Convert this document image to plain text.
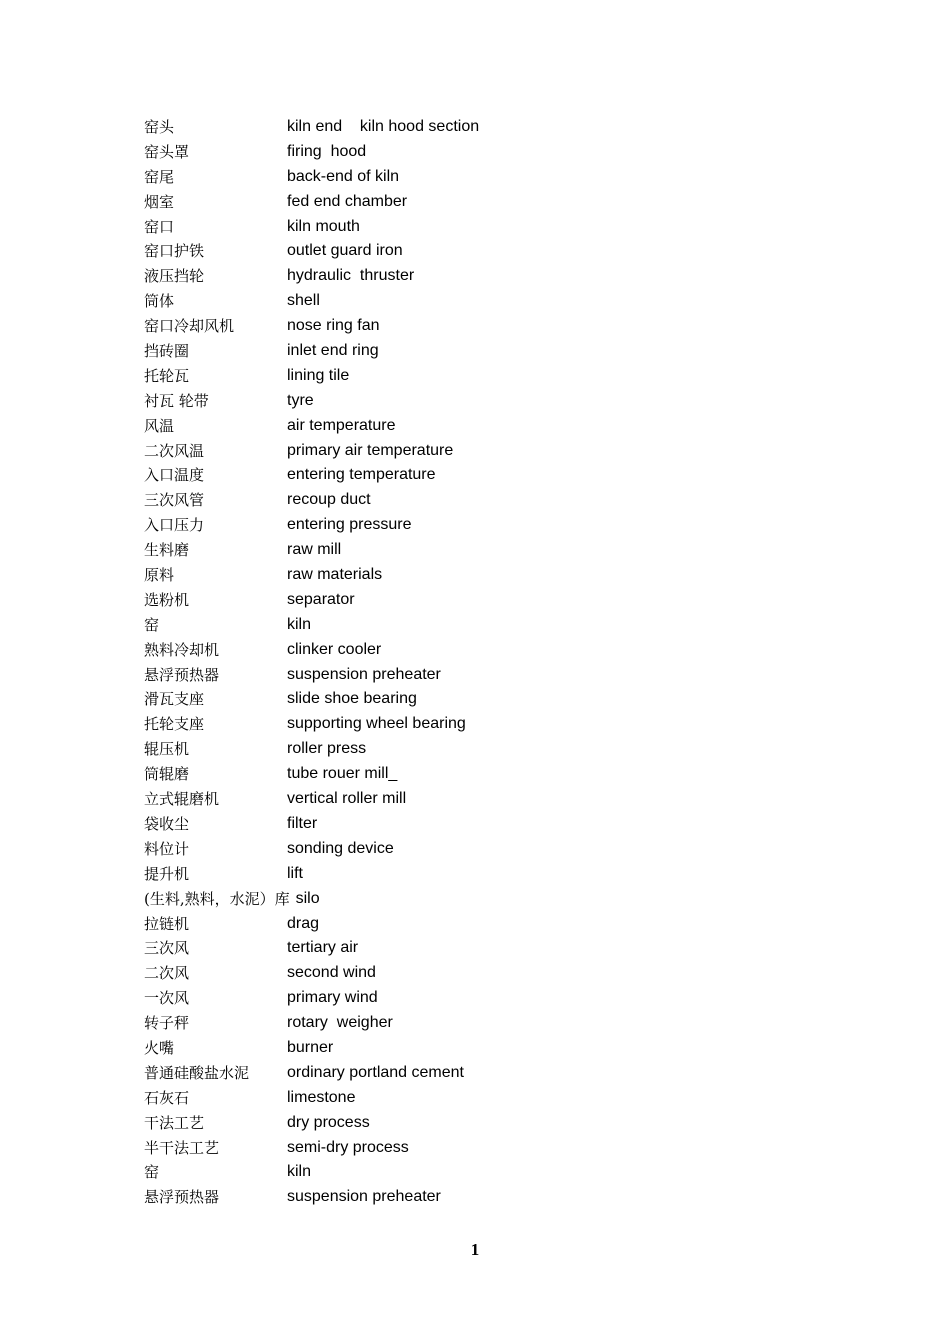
窑头	kiln end    kiln hood section
窑头罩	firing  hood
窑尾	back-end of kiln
烟室	fed end chamber
窑口	kiln mouth
窑口护铁	outlet guard iron
液压挡轮	hydraulic  thruster
筒体	shell
窑口冷却风机	nose ring fan
挡砖圈	inlet end ring
托轮瓦	lining tile
衬瓦 轮带	tyre
风温	air temperature
二次风温	primary air temperature
入口温度	entering temperature
三次风管	recoup duct
入口压力	entering pressure
生料磨	raw mill
原料	raw materials
选粉机	separator
窑	kiln
熟料冷却机	clinker cooler
悬浮预热器	suspension preheater
滑瓦支座	slide shoe bearing
托轮支座	supporting wheel bearing
辊压机	roller press
筒辊磨	tube rouer mill_
立式辊磨机	vertical roller mill
袋收尘	filter
料位计	sonding device
提升机	lift
(生料,熟料，水泥）库 silo
拉链机	drag
三次风	tertiary air
二次风	second wind
一次风	primary wind
转子秤	rotary  weigher
火嘴	burner
普通硅酸盐水泥	ordinary portland cement
石灰石	limestone
干法工艺	dry process
半干法工艺	semi-dry process
窑	kiln
悬浮预热器	suspension preheater
1
